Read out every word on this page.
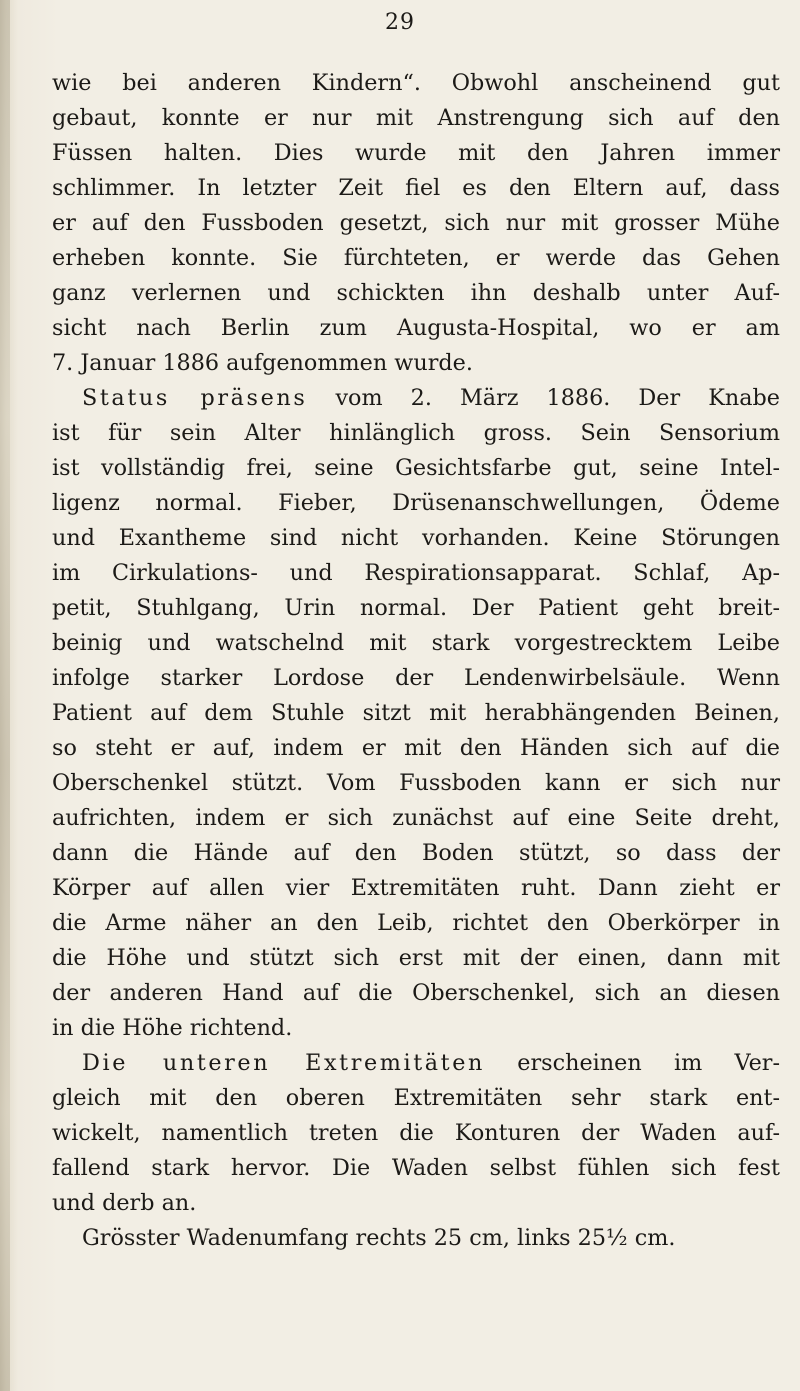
29
wie bei anderen Kindern“. Obwohl anscheinend gut
gebaut, konnte er nur mit Anstrengung sich auf den
Füssen halten. Dies wurde mit den Jahren immer
schlimmer. In letzter Zeit fiel es den Eltern auf, dass
er auf den Fussboden gesetzt, sich nur mit grosser Mühe
erheben konnte. Sie fürchteten, er werde das Gehen
ganz verlernen und schickten ihn deshalb unter Auf-
sicht nach Berlin zum Augusta-Hospital, wo er am
7. Januar 1886 aufgenommen wurde.
Status präsens vom 2. März 1886. Der Knabe
ist für sein Alter hinlänglich gross. Sein Sensorium
ist vollständig frei, seine Gesichtsfarbe gut, seine Intel-
ligenz normal. Fieber, Drüsenanschwellungen, Ödeme
und Exantheme sind nicht vorhanden. Keine Störungen
im Cirkulations- und Respirationsapparat. Schlaf, Ap-
petit, Stuhlgang, Urin normal. Der Patient geht breit-
beinig und watschelnd mit stark vorgestrecktem Leibe
infolge starker Lordose der Lendenwirbelsäule. Wenn
Patient auf dem Stuhle sitzt mit herabhängenden Beinen,
so steht er auf, indem er mit den Händen sich auf die
Oberschenkel stützt. Vom Fussboden kann er sich nur
aufrichten, indem er sich zunächst auf eine Seite dreht,
dann die Hände auf den Boden stützt, so dass der
Körper auf allen vier Extremitäten ruht. Dann zieht er
die Arme näher an den Leib, richtet den Oberkörper in
die Höhe und stützt sich erst mit der einen, dann mit
der anderen Hand auf die Oberschenkel, sich an diesen
in die Höhe richtend.
Die unteren Extremitäten erscheinen im Ver-
gleich mit den oberen Extremitäten sehr stark ent-
wickelt, namentlich treten die Konturen der Waden auf-
fallend stark hervor. Die Waden selbst fühlen sich fest
und derb an.
Grösster Wadenumfang rechts 25 cm, links 25½ cm.
